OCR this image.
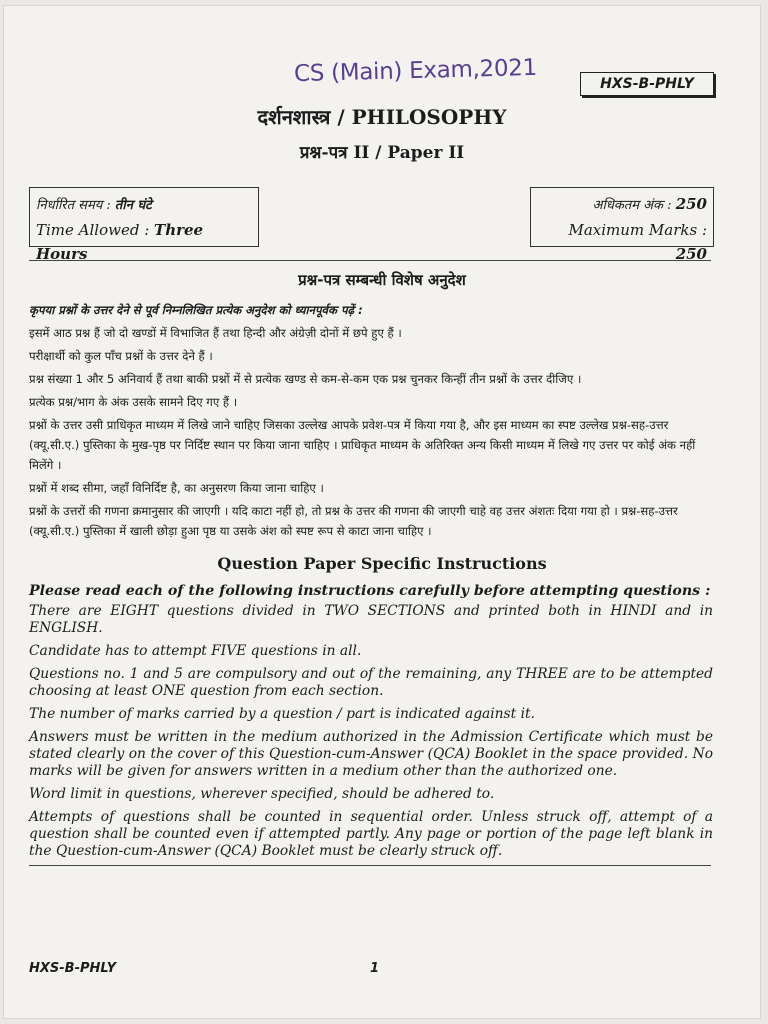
CS (Main) Exam,2021	HXS-B-PHLY
दर्शनशास्त्र / PHILOSOPHY
प्रश्न-पत्र II / Paper II
निर्धारित समय : तीन घंटे
Time Allowed : Three Hours
अधिकतम अंक : 250
Maximum Marks : 250
प्रश्न-पत्र सम्बन्धी विशेष अनुदेश

कृपया प्रश्नों के उत्तर देने से पूर्व निम्नलिखित प्रत्येक अनुदेश को ध्यानपूर्वक पढ़ें :

इसमें आठ प्रश्न हैं जो दो खण्डों में विभाजित हैं तथा हिन्दी और अंग्रेज़ी दोनों में छपे हुए हैं ।

परीक्षार्थी को कुल पाँच प्रश्नों के उत्तर देने हैं ।

प्रश्न संख्या 1 और 5 अनिवार्य हैं तथा बाकी प्रश्नों में से प्रत्येक खण्ड से कम-से-कम एक प्रश्न चुनकर किन्हीं तीन प्रश्नों के उत्तर दीजिए ।

प्रत्येक प्रश्न/भाग के अंक उसके सामने दिए गए हैं ।

प्रश्नों के उत्तर उसी प्राधिकृत माध्यम में लिखे जाने चाहिए जिसका उल्लेख आपके प्रवेश-पत्र में किया गया है, और इस माध्यम का स्पष्ट उल्लेख प्रश्न-सह-उत्तर (क्यू.सी.ए.) पुस्तिका के मुख-पृष्ठ पर निर्दिष्ट स्थान पर किया जाना चाहिए । प्राधिकृत माध्यम के अतिरिक्त अन्य किसी माध्यम में लिखे गए उत्तर पर कोई अंक नहीं मिलेंगे ।

प्रश्नों में शब्द सीमा, जहाँ विनिर्दिष्ट है, का अनुसरण किया जाना चाहिए ।

प्रश्नों के उत्तरों की गणना क्रमानुसार की जाएगी । यदि काटा नहीं हो, तो प्रश्न के उत्तर की गणना की जाएगी चाहे वह उत्तर अंशतः दिया गया हो । प्रश्न-सह-उत्तर (क्यू.सी.ए.) पुस्तिका में खाली छोड़ा हुआ पृष्ठ या उसके अंश को स्पष्ट रूप से काटा जाना चाहिए ।

Question Paper Specific Instructions

Please read each of the following instructions carefully before attempting questions :

There are EIGHT questions divided in TWO SECTIONS and printed both in HINDI and in ENGLISH.

Candidate has to attempt FIVE questions in all.

Questions no. 1 and 5 are compulsory and out of the remaining, any THREE are to be attempted choosing at least ONE question from each section.

The number of marks carried by a question / part is indicated against it.

Answers must be written in the medium authorized in the Admission Certificate which must be stated clearly on the cover of this Question-cum-Answer (QCA) Booklet in the space provided. No marks will be given for answers written in a medium other than the authorized one.

Word limit in questions, wherever specified, should be adhered to.

Attempts of questions shall be counted in sequential order. Unless struck off, attempt of a question shall be counted even if attempted partly. Any page or portion of the page left blank in the Question-cum-Answer (QCA) Booklet must be clearly struck off.

HXS-B-PHLY	1
